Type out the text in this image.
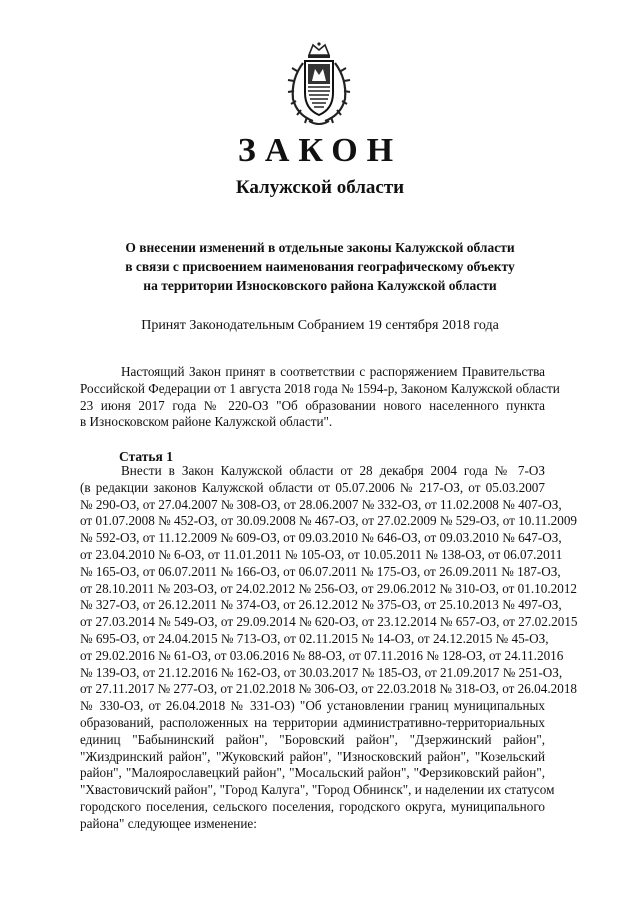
ЗАКОН
Калужской области
О внесении изменений в отдельные законы Калужской области
в связи с присвоением наименования географическому объекту
на территории Износковского района Калужской области
Принят Законодательным Собранием 19 сентября 2018 года
Настоящий Закон принят в соответствии с распоряжением Правительства
Российской Федерации от 1 августа 2018 года № 1594-р, Законом Калужской области
23 июня 2017 года № 220-ОЗ "Об образовании нового населенного пункта
в Износковском районе Калужской области".
Статья 1
Внести в Закон Калужской области от 28 декабря 2004 года № 7-ОЗ
(в редакции законов Калужской области от 05.07.2006 № 217-ОЗ, от 05.03.2007
№ 290-ОЗ, от 27.04.2007 № 308-ОЗ, от 28.06.2007 № 332-ОЗ, от 11.02.2008 № 407-ОЗ,
от 01.07.2008 № 452-ОЗ, от 30.09.2008 № 467-ОЗ, от 27.02.2009 № 529-ОЗ, от 10.11.2009
№ 592-ОЗ, от 11.12.2009 № 609-ОЗ, от 09.03.2010 № 646-ОЗ, от 09.03.2010 № 647-ОЗ,
от 23.04.2010 № 6-ОЗ, от 11.01.2011 № 105-ОЗ, от 10.05.2011 № 138-ОЗ, от 06.07.2011
№ 165-ОЗ, от 06.07.2011 № 166-ОЗ, от 06.07.2011 № 175-ОЗ, от 26.09.2011 № 187-ОЗ,
от 28.10.2011 № 203-ОЗ, от 24.02.2012 № 256-ОЗ, от 29.06.2012 № 310-ОЗ, от 01.10.2012
№ 327-ОЗ, от 26.12.2011 № 374-ОЗ, от 26.12.2012 № 375-ОЗ, от 25.10.2013 № 497-ОЗ,
от 27.03.2014 № 549-ОЗ, от 29.09.2014 № 620-ОЗ, от 23.12.2014 № 657-ОЗ, от 27.02.2015
№ 695-ОЗ, от 24.04.2015 № 713-ОЗ, от 02.11.2015 № 14-ОЗ, от 24.12.2015 № 45-ОЗ,
от 29.02.2016 № 61-ОЗ, от 03.06.2016 № 88-ОЗ, от 07.11.2016 № 128-ОЗ, от 24.11.2016
№ 139-ОЗ, от 21.12.2016 № 162-ОЗ, от 30.03.2017 № 185-ОЗ, от 21.09.2017 № 251-ОЗ,
от 27.11.2017 № 277-ОЗ, от 21.02.2018 № 306-ОЗ, от 22.03.2018 № 318-ОЗ, от 26.04.2018
№ 330-ОЗ, от 26.04.2018 № 331-ОЗ) "Об установлении границ муниципальных
образований, расположенных на территории административно-территориальных
единиц "Бабынинский район", "Боровский район", "Дзержинский район",
"Жиздринский район", "Жуковский район", "Износковский район", "Козельский
район", "Малоярославецкий район", "Мосальский район", "Ферзиковский район",
"Хвастовичский район", "Город Калуга", "Город Обнинск", и наделении их статусом
городского поселения, сельского поселения, городского округа, муниципального
района" следующее изменение:
